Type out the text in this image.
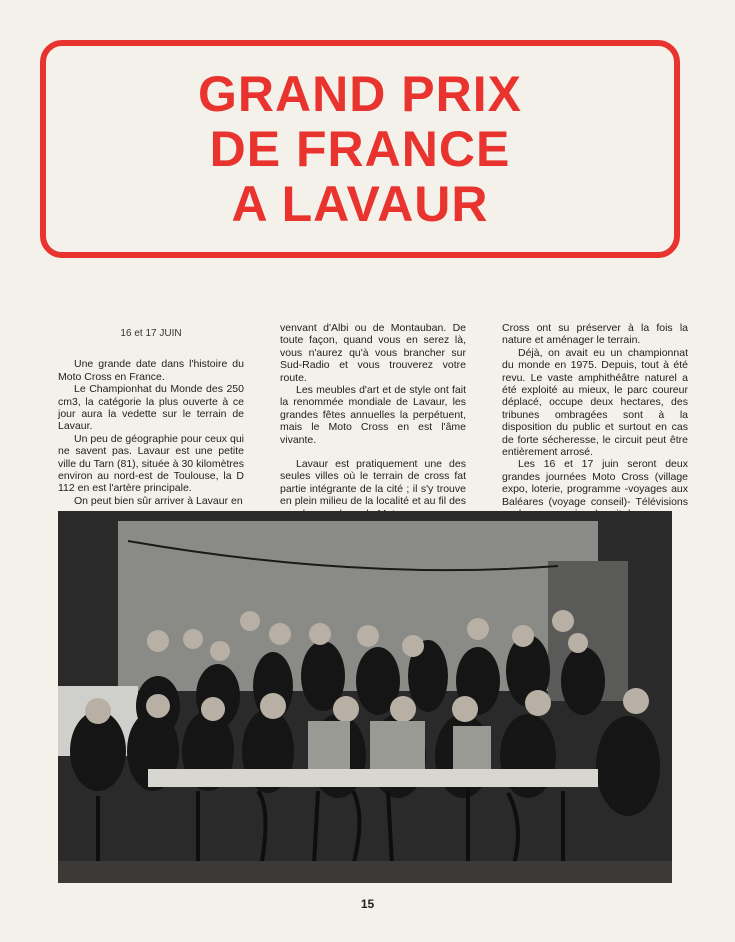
GRAND PRIX
DE FRANCE
A LAVAUR
16 et 17 JUIN

Une grande date dans l'histoire du Moto Cross en France.

Le Championhat du Monde des 250 cm3, la catégorie la plus ouverte à ce jour aura la vedette sur le terrain de Lavaur.

Un peu de géographie pour ceux qui ne savent pas. Lavaur est une petite ville du Tarn (81), située à 30 kilomètres environ au nord-est de Toulouse, la D 112 en est l'artère principale.

On peut bien sûr arriver à Lavaur en

venvant d'Albi ou de Montauban. De toute façon, quand vous en serez là, vous n'aurez qu'à vous brancher sur Sud-Radio et vous trouverez votre route.

Les meubles d'art et de style ont fait la renommée mondiale de Lavaur, les grandes fêtes annuelles la perpétuent, mais le Moto Cross en est l'âme vivante.

Lavaur est pratiquement une des seules villes où le terrain de cross fat partie intégrante de la cité ; il s'y trouve en plein milieu de la localité et au fil des

Cross ont su préserver à la fois la nature et aménager le terrain.

Déjà, on avait eu un championnat du monde en 1975. Depuis, tout à été revu. Le vaste amphithéâtre naturel a été exploité au mieux, le parc coureur déplacé, occupe deux hectares, des tribunes ombragées sont à la disposition du public et surtout en cas de forte sécheresse, le circuit peut être entièrement arrosé.

Les 16 et 17 juin seront deux grandes journées Moto Cross (village expo, loterie, programme -voyages aux Baléares (voyage conseil)- Télévisions

15
